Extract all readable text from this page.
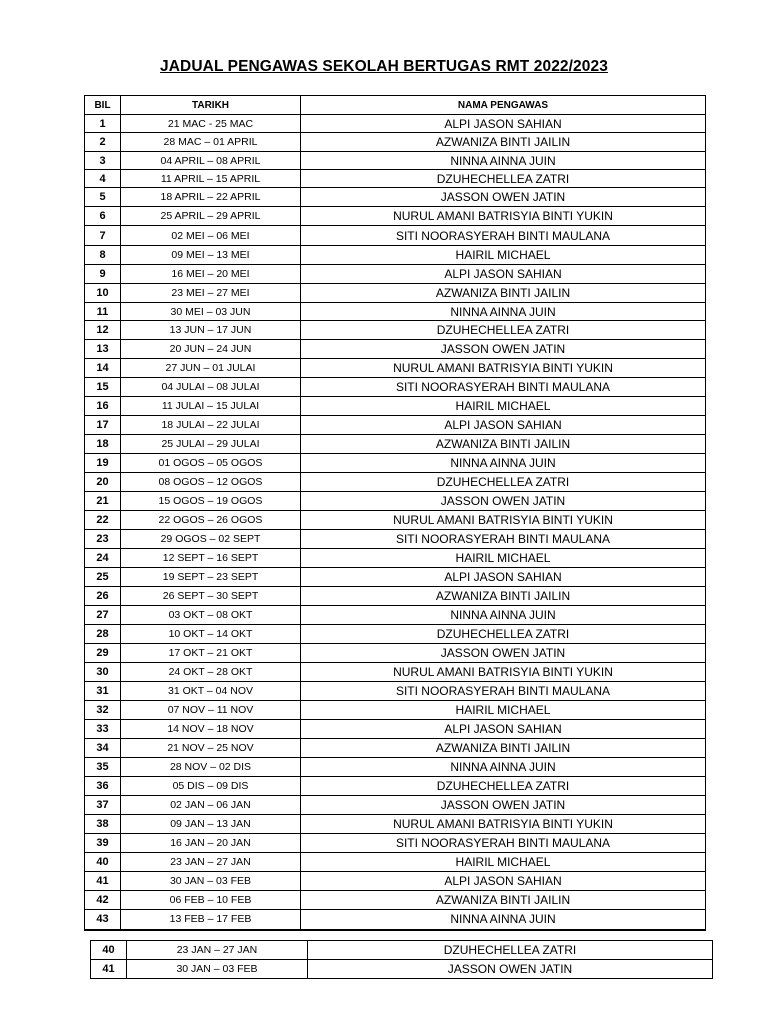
JADUAL PENGAWAS SEKOLAH BERTUGAS RMT 2022/2023
BIL	TARIKH	NAMA PENGAWAS
1	21 MAC - 25 MAC	ALPI JASON SAHIAN
2	28 MAC – 01 APRIL	AZWANIZA BINTI JAILIN
3	04 APRIL – 08 APRIL	NINNA AINNA JUIN
4	11 APRIL – 15 APRIL	DZUHECHELLEA ZATRI
5	18 APRIL – 22 APRIL	JASSON OWEN JATIN
6	25 APRIL – 29 APRIL	NURUL AMANI BATRISYIA BINTI YUKIN
7	02 MEI – 06 MEI	SITI NOORASYERAH BINTI MAULANA
8	09 MEI – 13 MEI	HAIRIL MICHAEL
9	16 MEI – 20 MEI	ALPI JASON SAHIAN
10	23 MEI – 27 MEI	AZWANIZA BINTI JAILIN
11	30 MEI – 03 JUN	NINNA AINNA JUIN
12	13 JUN – 17 JUN	DZUHECHELLEA ZATRI
13	20 JUN – 24 JUN	JASSON OWEN JATIN
14	27 JUN – 01 JULAI	NURUL AMANI BATRISYIA BINTI YUKIN
15	04 JULAI – 08 JULAI	SITI NOORASYERAH BINTI MAULANA
16	11 JULAI – 15 JULAI	HAIRIL MICHAEL
17	18 JULAI – 22 JULAI	ALPI JASON SAHIAN
18	25 JULAI – 29 JULAI	AZWANIZA BINTI JAILIN
19	01 OGOS – 05 OGOS	NINNA AINNA JUIN
20	08 OGOS – 12 OGOS	DZUHECHELLEA ZATRI
21	15 OGOS – 19 OGOS	JASSON OWEN JATIN
22	22 OGOS – 26 OGOS	NURUL AMANI BATRISYIA BINTI YUKIN
23	29 OGOS – 02 SEPT	SITI NOORASYERAH BINTI MAULANA
24	12 SEPT – 16 SEPT	HAIRIL MICHAEL
25	19 SEPT – 23 SEPT	ALPI JASON SAHIAN
26	26 SEPT – 30 SEPT	AZWANIZA BINTI JAILIN
27	03 OKT – 08 OKT	NINNA AINNA JUIN
28	10 OKT – 14 OKT	DZUHECHELLEA ZATRI
29	17 OKT – 21 OKT	JASSON OWEN JATIN
30	24 OKT – 28 OKT	NURUL AMANI BATRISYIA BINTI YUKIN
31	31 OKT – 04 NOV	SITI NOORASYERAH BINTI MAULANA
32	07 NOV – 11 NOV	HAIRIL MICHAEL
33	14 NOV – 18 NOV	ALPI JASON SAHIAN
34	21 NOV – 25 NOV	AZWANIZA BINTI JAILIN
35	28 NOV – 02 DIS	NINNA AINNA JUIN
36	05 DIS – 09 DIS	DZUHECHELLEA ZATRI
37	02 JAN – 06 JAN	JASSON OWEN JATIN
38	09 JAN – 13 JAN	NURUL AMANI BATRISYIA BINTI YUKIN
39	16 JAN – 20 JAN	SITI NOORASYERAH BINTI MAULANA
40	23 JAN – 27 JAN	HAIRIL MICHAEL
41	30 JAN – 03 FEB	ALPI JASON SAHIAN
42	06 FEB – 10 FEB	AZWANIZA BINTI JAILIN
43	13 FEB – 17 FEB	NINNA AINNA JUIN
40	23 JAN – 27 JAN	DZUHECHELLEA ZATRI
41	30 JAN – 03 FEB	JASSON OWEN JATIN
